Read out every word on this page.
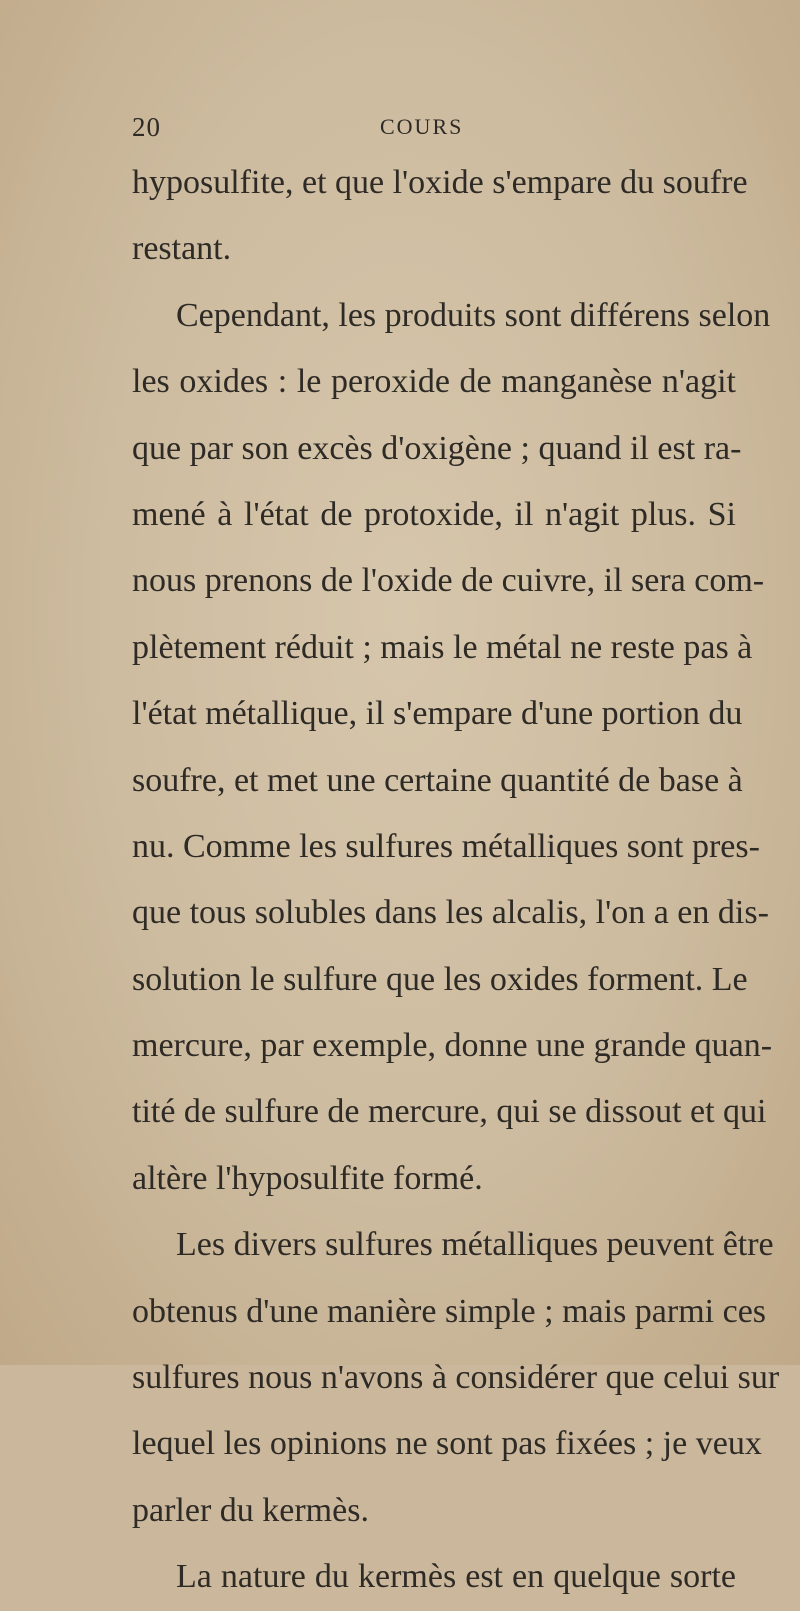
20	COURS
hyposulfite, et que l'oxide s'empare du soufre
restant.
Cependant, les produits sont différens selon
les oxides : le peroxide de manganèse n'agit
que par son excès d'oxigène ; quand il est ra-
mené à l'état de protoxide, il n'agit plus. Si
nous prenons de l'oxide de cuivre, il sera com-
plètement réduit ; mais le métal ne reste pas à
l'état métallique, il s'empare d'une portion du
soufre, et met une certaine quantité de base à
nu. Comme les sulfures métalliques sont pres-
que tous solubles dans les alcalis, l'on a en dis-
solution le sulfure que les oxides forment. Le
mercure, par exemple, donne une grande quan-
tité de sulfure de mercure, qui se dissout et qui
altère l'hyposulfite formé.
Les divers sulfures métalliques peuvent être
obtenus d'une manière simple ; mais parmi ces
sulfures nous n'avons à considérer que celui sur
lequel les opinions ne sont pas fixées ; je veux
parler du kermès.
La nature du kermès est en quelque sorte
